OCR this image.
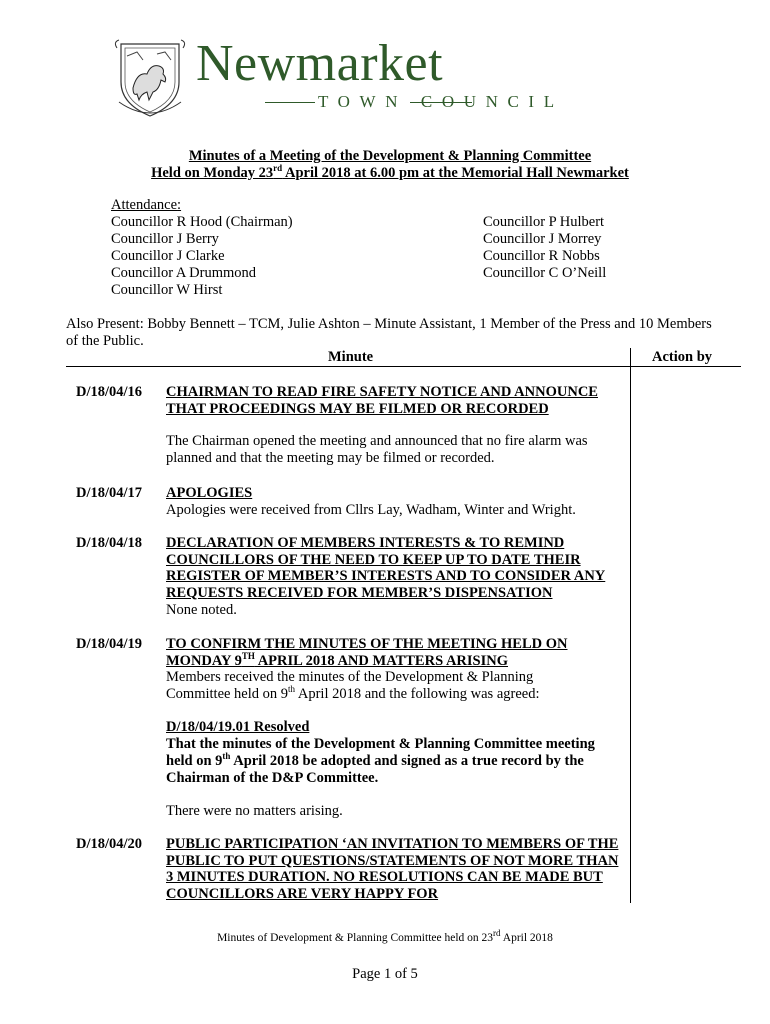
Newmarket
TOWN COUNCIL
Minutes of a Meeting of the Development & Planning Committee
Held on Monday 23rd April 2018 at 6.00 pm at the Memorial Hall Newmarket
Attendance:
Councillor R Hood (Chairman)
Councillor J Berry
Councillor J Clarke
Councillor A Drummond
Councillor W Hirst
Councillor P Hulbert
Councillor J Morrey
Councillor R Nobbs
Councillor C O’Neill
Also Present: Bobby Bennett – TCM, Julie Ashton – Minute Assistant, 1 Member of the Press and 10 Members of the Public.
Minute	Action by
D/18/04/16 CHAIRMAN TO READ FIRE SAFETY NOTICE AND ANNOUNCE THAT PROCEEDINGS MAY BE FILMED OR RECORDED
The Chairman opened the meeting and announced that no fire alarm was planned and that the meeting may be filmed or recorded.
D/18/04/17 APOLOGIES
Apologies were received from Cllrs Lay, Wadham, Winter and Wright.
D/18/04/18 DECLARATION OF MEMBERS INTERESTS & TO REMIND COUNCILLORS OF THE NEED TO KEEP UP TO DATE THEIR REGISTER OF MEMBER’S INTERESTS AND TO CONSIDER ANY REQUESTS RECEIVED FOR MEMBER’S DISPENSATION
None noted.
D/18/04/19 TO CONFIRM THE MINUTES OF THE MEETING HELD ON MONDAY 9TH APRIL 2018 AND MATTERS ARISING
Members received the minutes of the Development & Planning Committee held on 9th April 2018 and the following was agreed:
D/18/04/19.01 Resolved
That the minutes of the Development & Planning Committee meeting held on 9th April 2018 be adopted and signed as a true record by the Chairman of the D&P Committee.
There were no matters arising.
D/18/04/20 PUBLIC PARTICIPATION ‘AN INVITATION TO MEMBERS OF THE PUBLIC TO PUT QUESTIONS/STATEMENTS OF NOT MORE THAN 3 MINUTES DURATION. NO RESOLUTIONS CAN BE MADE BUT COUNCILLORS ARE VERY HAPPY FOR
Minutes of Development & Planning Committee held on 23rd April 2018
Page 1 of 5
